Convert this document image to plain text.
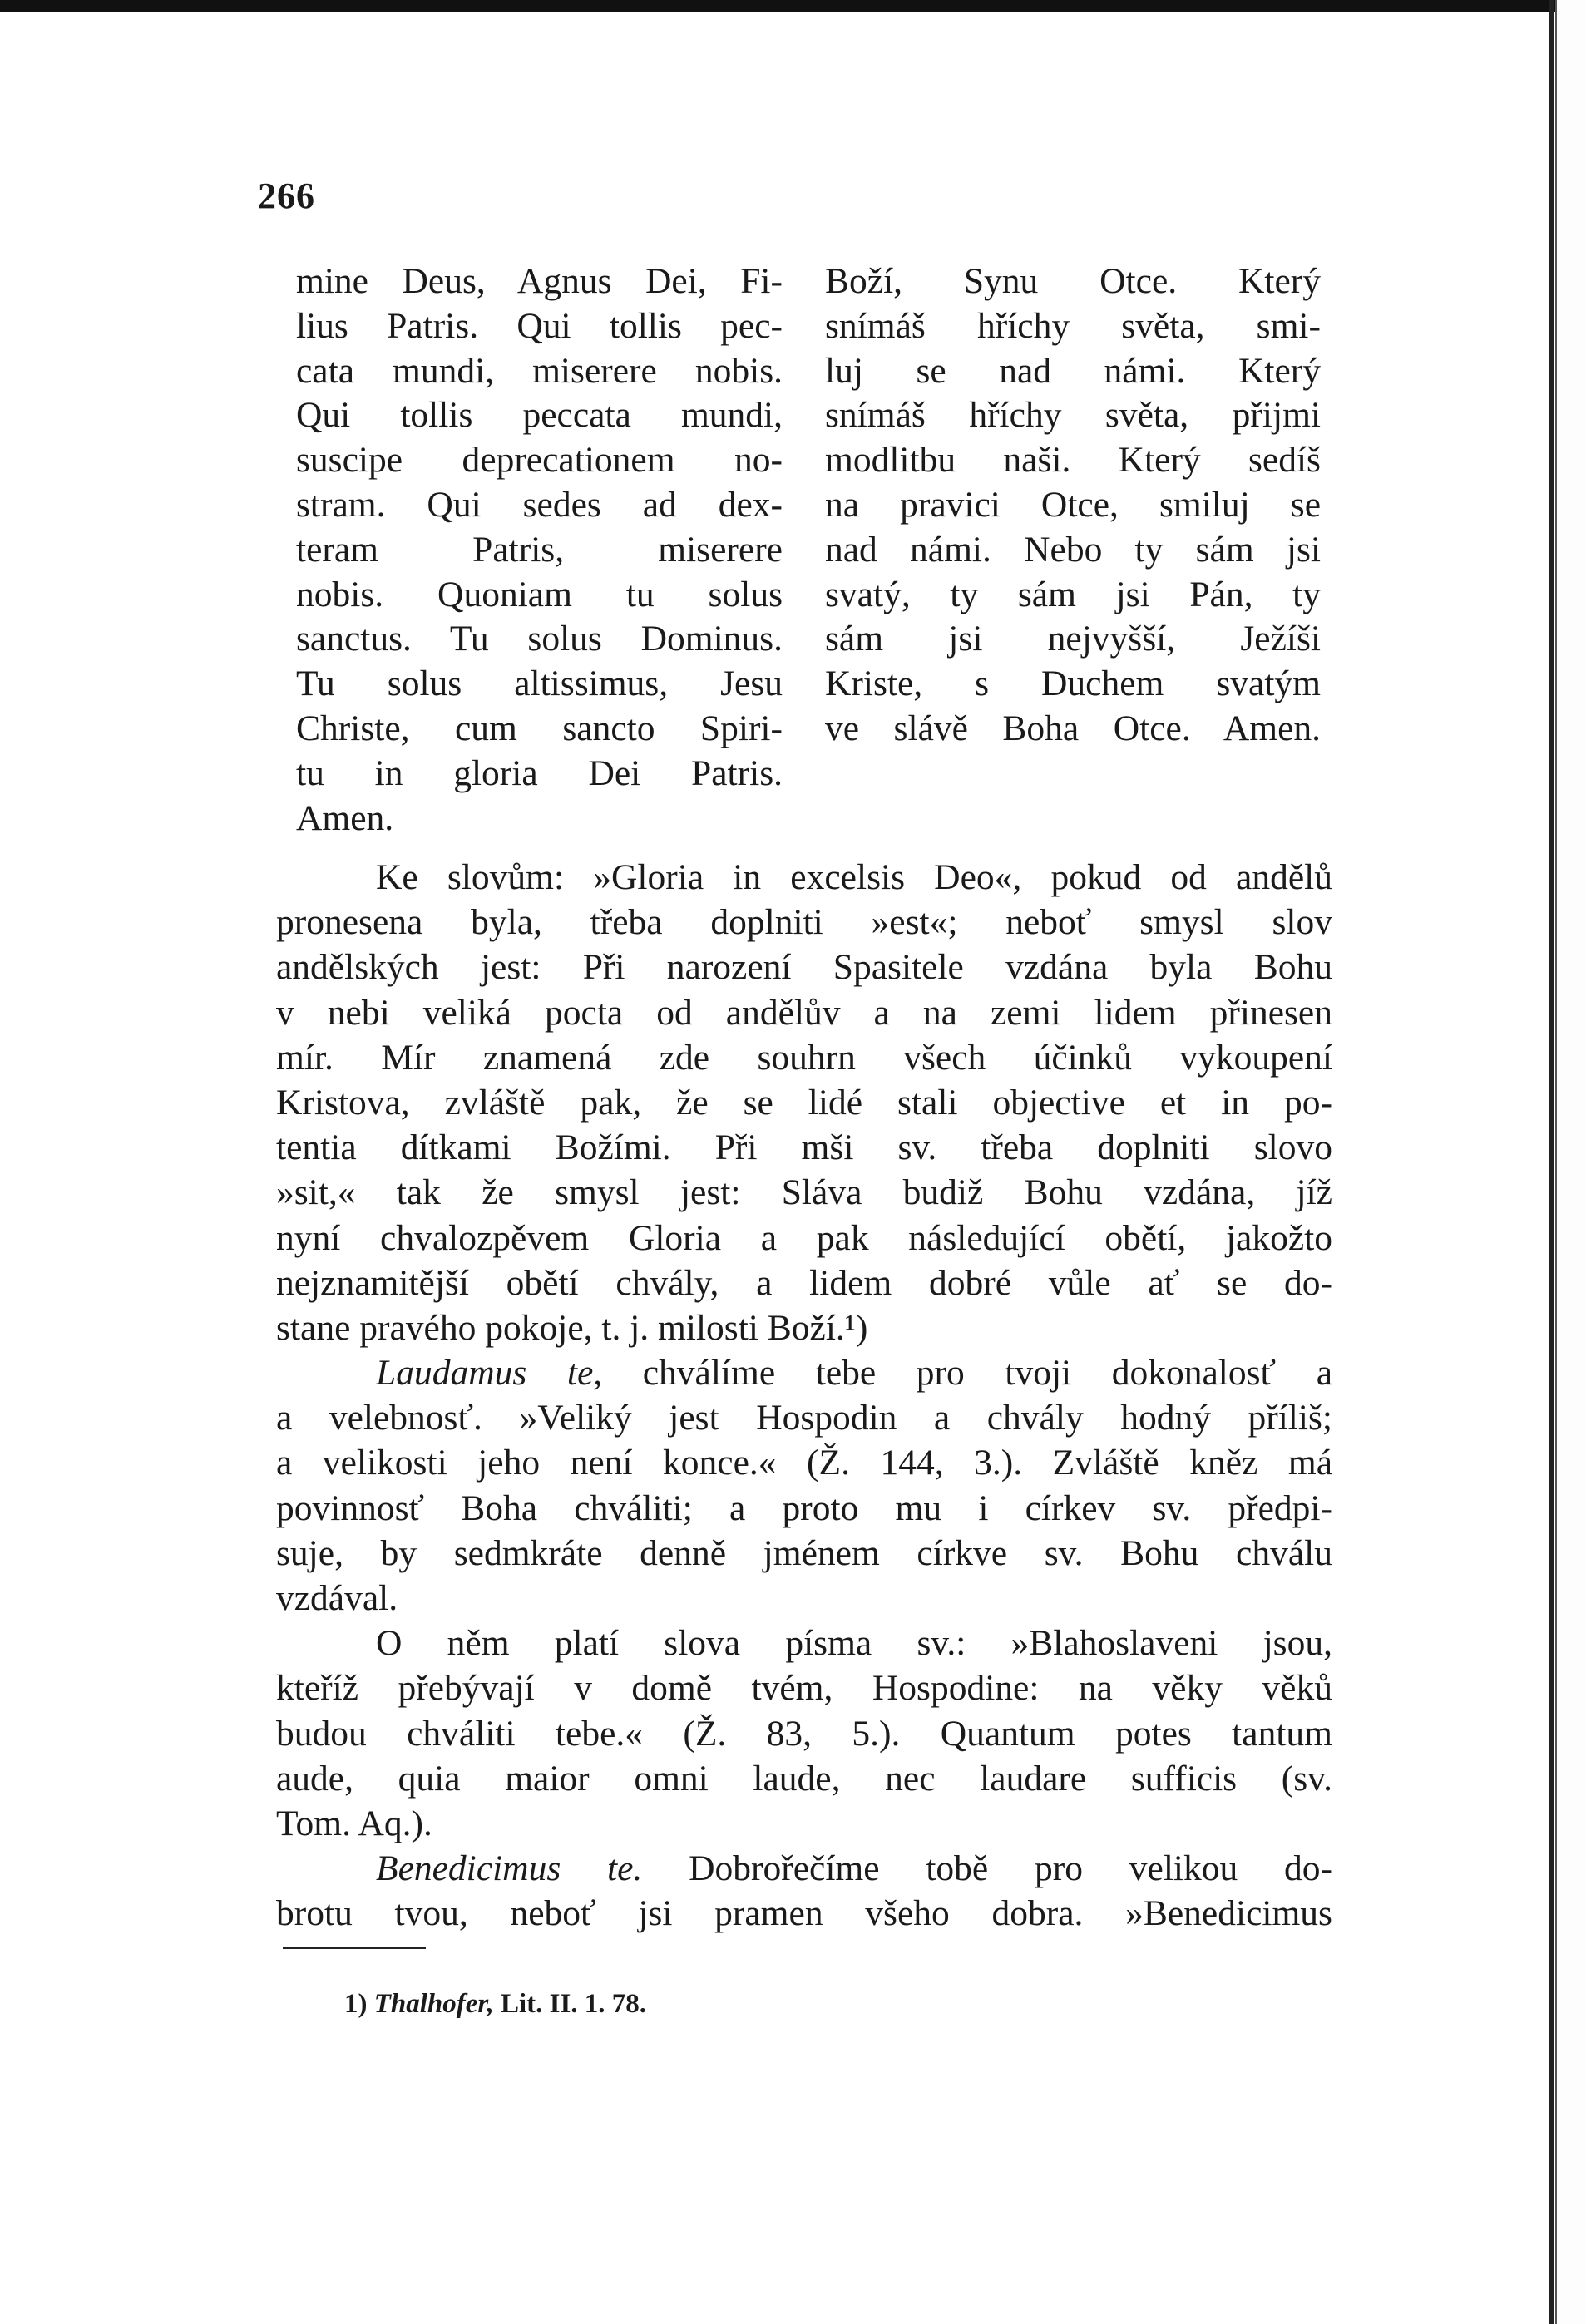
266
mine Deus, Agnus Dei, Fi-
lius Patris. Qui tollis pec-
cata mundi, miserere nobis.
Qui tollis peccata mundi,
suscipe deprecationem no-
stram. Qui sedes ad dex-
teram Patris, miserere
nobis. Quoniam tu solus
sanctus. Tu solus Dominus.
Tu solus altissimus, Jesu
Christe, cum sancto Spiri-
tu in gloria Dei Patris.
Amen.
Boží, Synu Otce. Který
snímáš hříchy světa, smi-
luj se nad námi. Který
snímáš hříchy světa, přijmi
modlitbu naši. Který sedíš
na pravici Otce, smiluj se
nad námi. Nebo ty sám jsi
svatý, ty sám jsi Pán, ty
sám jsi nejvyšší, Ježíši
Kriste, s Duchem svatým
ve slávě Boha Otce. Amen.
Ke slovům: »Gloria in excelsis Deo«, pokud od andělů
pronesena byla, třeba doplniti »est«; neboť smysl slov
andělských jest: Při narození Spasitele vzdána byla Bohu
v nebi veliká pocta od andělův a na zemi lidem přinesen
mír. Mír znamená zde souhrn všech účinků vykoupení
Kristova, zvláště pak, že se lidé stali objective et in po-
tentia dítkami Božími. Při mši sv. třeba doplniti slovo
»sit,« tak že smysl jest: Sláva budiž Bohu vzdána, jíž
nyní chvalozpěvem Gloria a pak následující obětí, jakožto
nejznamitější obětí chvály, a lidem dobré vůle ať se do-
stane pravého pokoje, t. j. milosti Boží.¹)
Laudamus te, chválíme tebe pro tvoji dokonalosť a
a velebnosť. »Veliký jest Hospodin a chvály hodný příliš;
a velikosti jeho není konce.« (Ž. 144, 3.). Zvláště kněz má
povinnosť Boha chváliti; a proto mu i církev sv. předpi-
suje, by sedmkráte denně jménem církve sv. Bohu chválu
vzdával.
O něm platí slova písma sv.: »Blahoslaveni jsou,
kteříž přebývají v domě tvém, Hospodine: na věky věků
budou chváliti tebe.« (Ž. 83, 5.). Quantum potes tantum
aude, quia maior omni laude, nec laudare sufficis (sv.
Tom. Aq.).
Benedicimus te. Dobrořečíme tobě pro velikou do-
brotu tvou, neboť jsi pramen všeho dobra. »Benedicimus
1) Thalhofer, Lit. II. 1. 78.
